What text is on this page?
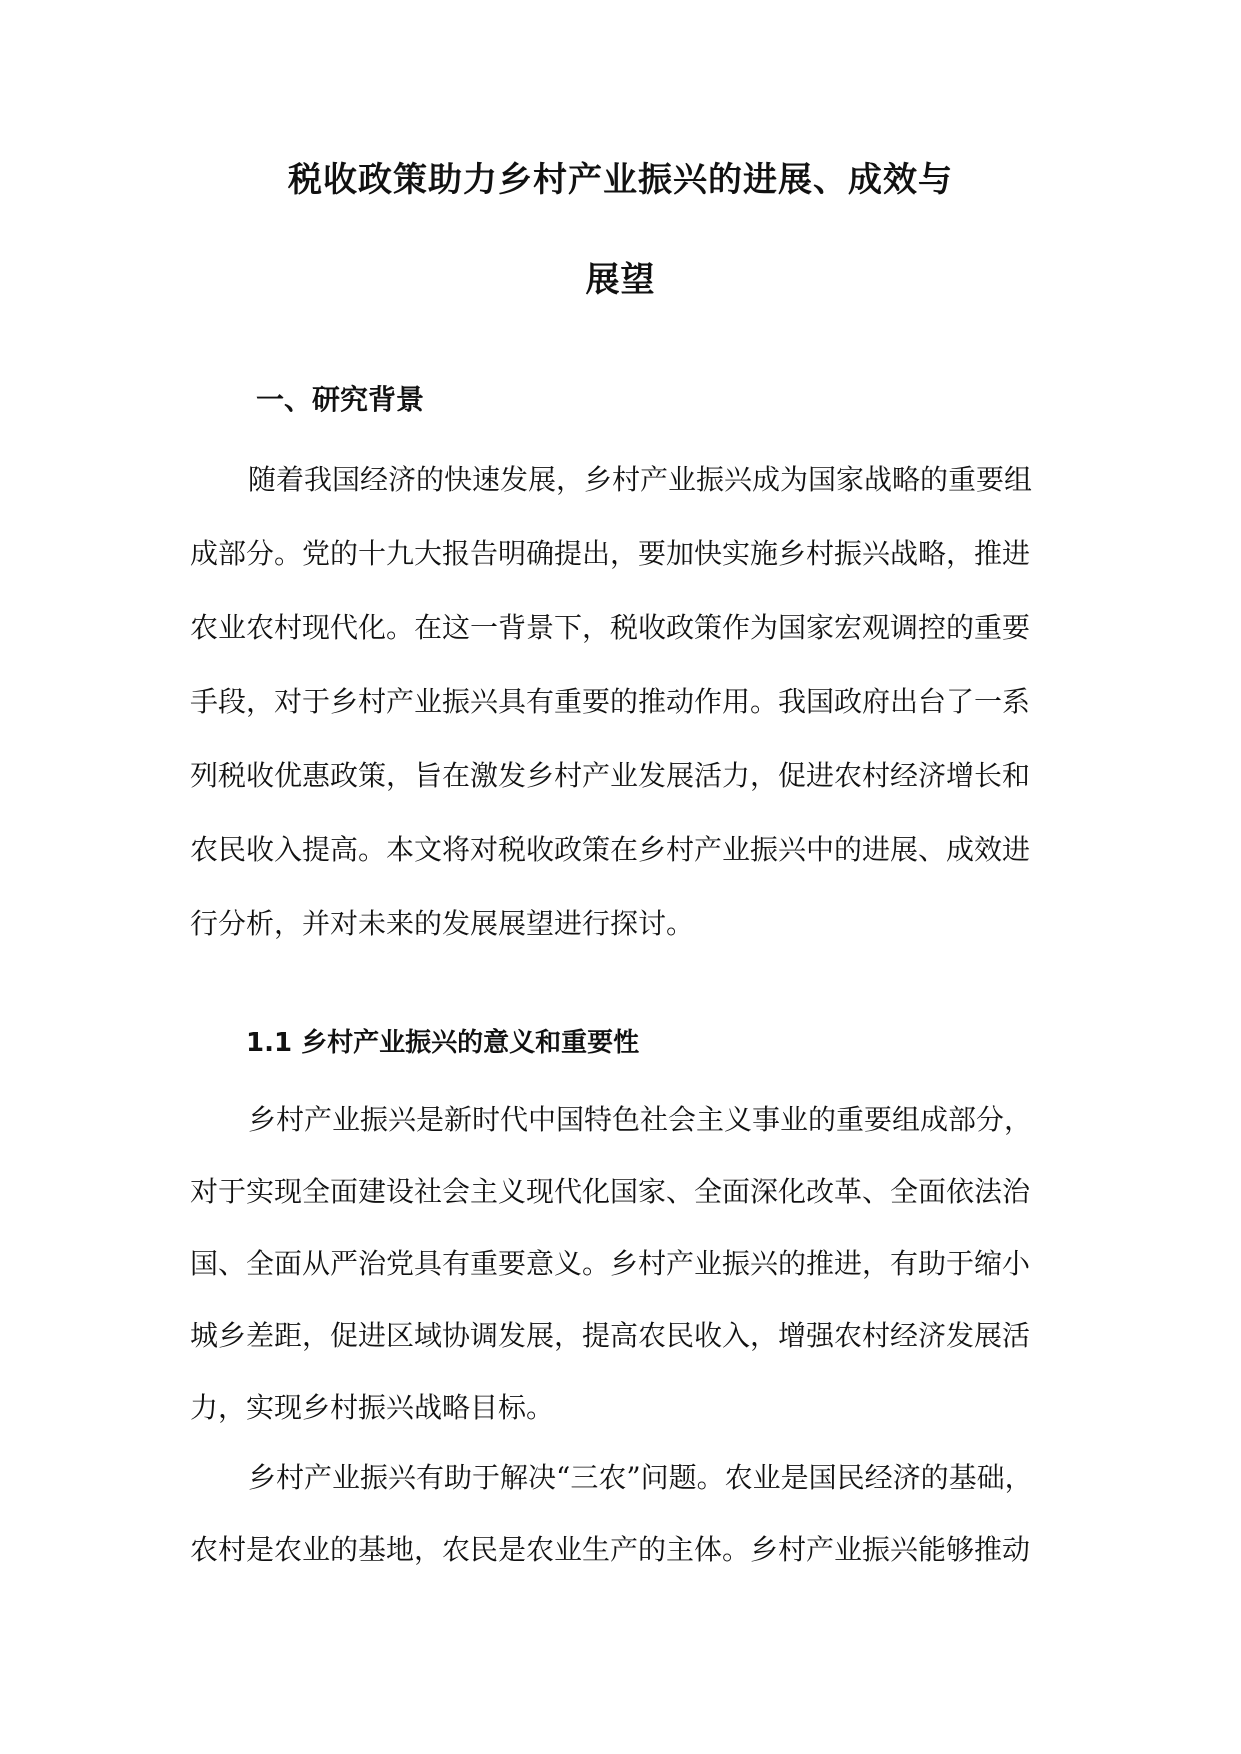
税收政策助力乡村产业振兴的进展、成效与
展望
一、研究背景
随着我国经济的快速发展，乡村产业振兴成为国家战略的重要组
成部分。党的十九大报告明确提出，要加快实施乡村振兴战略，推进
农业农村现代化。在这一背景下，税收政策作为国家宏观调控的重要
手段，对于乡村产业振兴具有重要的推动作用。我国政府出台了一系
列税收优惠政策，旨在激发乡村产业发展活力，促进农村经济增长和
农民收入提高。本文将对税收政策在乡村产业振兴中的进展、成效进
行分析，并对未来的发展展望进行探讨。
1.1 乡村产业振兴的意义和重要性
乡村产业振兴是新时代中国特色社会主义事业的重要组成部分，
对于实现全面建设社会主义现代化国家、全面深化改革、全面依法治
国、全面从严治党具有重要意义。乡村产业振兴的推进，有助于缩小
城乡差距，促进区域协调发展，提高农民收入，增强农村经济发展活
力，实现乡村振兴战略目标。
乡村产业振兴有助于解决“三农”问题。农业是国民经济的基础，
农村是农业的基地，农民是农业生产的主体。乡村产业振兴能够推动
